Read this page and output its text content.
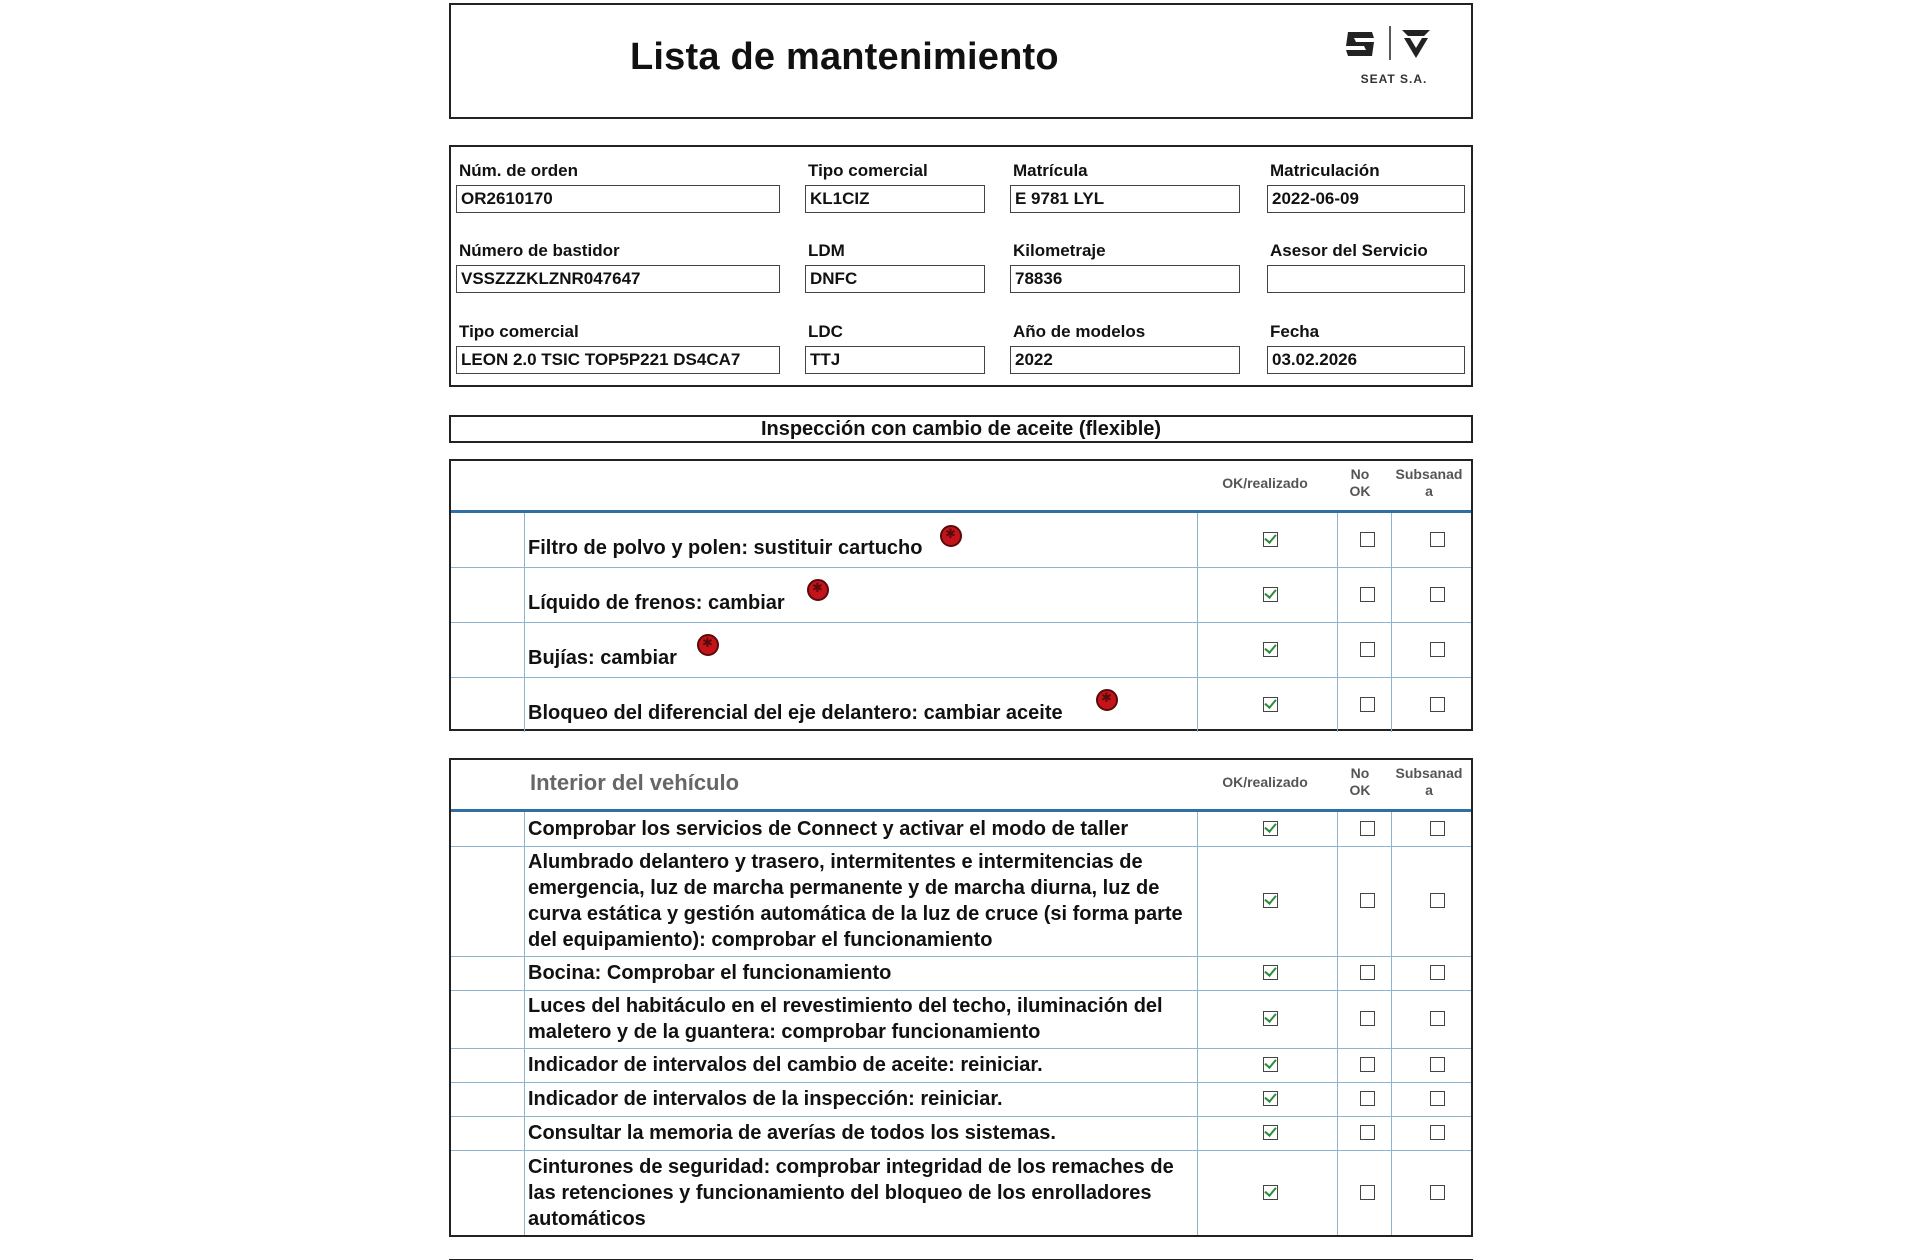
Lista de mantenimiento
SEAT S.A.
Núm. de orden
OR2610170
Tipo comercial
KL1CIZ
Matrícula
E 9781 LYL
Matriculación
2022-06-09
Número de bastidor
VSSZZZKLZNR047647
LDM
DNFC
Kilometraje
78836
Asesor del Servicio
Tipo comercial
LEON 2.0 TSIC TOP5P221 DS4CA7
LDC
TTJ
Año de modelos
2022
Fecha
03.02.2026
Inspección con cambio de aceite (flexible)
OK/realizado
No OK
Subsanad a
Filtro de polvo y polen: sustituir cartucho
✱
Líquido de frenos: cambiar
✱
Bujías: cambiar
✱
Bloqueo del diferencial del eje delantero: cambiar aceite
✱
Interior del vehículo	OK/realizado
No OK
Subsanad a
Comprobar los servicios de Connect y activar el modo de taller
Alumbrado delantero y trasero, intermitentes e intermitencias de emergencia, luz de marcha permanente y de marcha diurna, luz de curva estática y gestión automática de la luz de cruce (si forma parte del equipamiento): comprobar el funcionamiento
Bocina: Comprobar el funcionamiento
Luces del habitáculo en el revestimiento del techo, iluminación del maletero y de la guantera: comprobar funcionamiento
Indicador de intervalos del cambio de aceite: reiniciar.
Indicador de intervalos de la inspección: reiniciar.
Consultar la memoria de averías de todos los sistemas.
Cinturones de seguridad: comprobar integridad de los remaches de las retenciones y funcionamiento del bloqueo de los enrolladores automáticos
